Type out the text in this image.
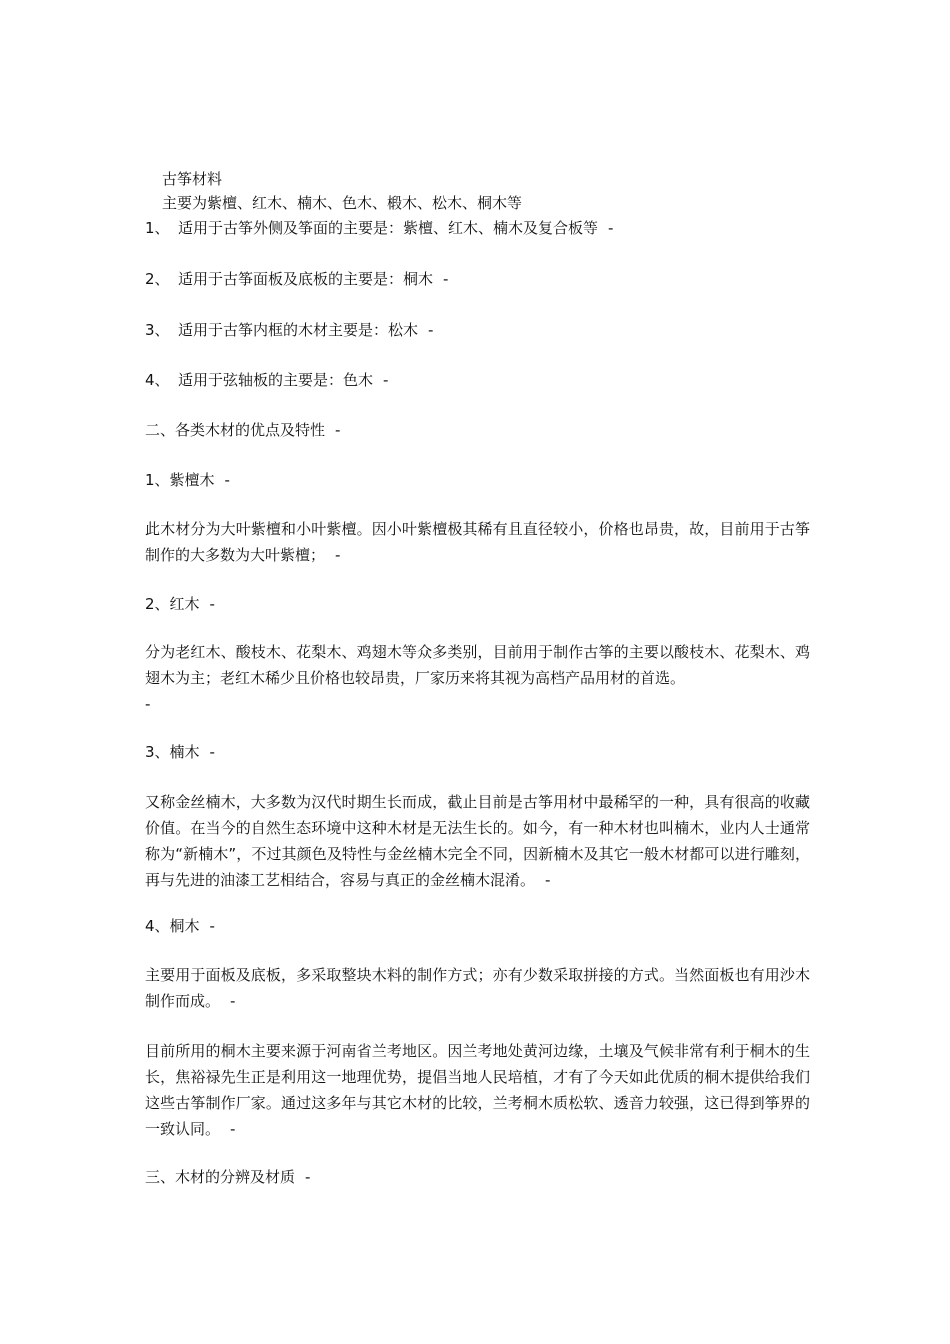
古筝材料
主要为紫檀、红木、楠木、色木、椴木、松木、桐木等
1、 适用于古筝外侧及筝面的主要是：紫檀、红木、楠木及复合板等 -
2、 适用于古筝面板及底板的主要是：桐木 -
3、 适用于古筝内框的木材主要是：松木 -
4、 适用于弦轴板的主要是：色木 -
二、各类木材的优点及特性 -
1、紫檀木 -
此木材分为大叶紫檀和小叶紫檀。因小叶紫檀极其稀有且直径较小，价格也昂贵，故，目前用于古筝制作的大多数为大叶紫檀； -
2、红木 -
分为老红木、酸枝木、花梨木、鸡翅木等众多类别，目前用于制作古筝的主要以酸枝木、花梨木、鸡翅木为主；老红木稀少且价格也较昂贵，厂家历来将其视为高档产品用材的首选。
-
3、楠木 -
又称金丝楠木，大多数为汉代时期生长而成，截止目前是古筝用材中最稀罕的一种，具有很高的收藏价值。在当今的自然生态环境中这种木材是无法生长的。如今，有一种木材也叫楠木，业内人士通常称为“新楠木”，不过其颜色及特性与金丝楠木完全不同，因新楠木及其它一般木材都可以进行雕刻，再与先进的油漆工艺相结合，容易与真正的金丝楠木混淆。 -
4、桐木 -
主要用于面板及底板，多采取整块木料的制作方式；亦有少数采取拼接的方式。当然面板也有用沙木制作而成。 -
目前所用的桐木主要来源于河南省兰考地区。因兰考地处黄河边缘，土壤及气候非常有利于桐木的生长，焦裕禄先生正是利用这一地理优势，提倡当地人民培植，才有了今天如此优质的桐木提供给我们这些古筝制作厂家。通过这多年与其它木材的比较，兰考桐木质松软、透音力较强，这已得到筝界的一致认同。 -
三、木材的分辨及材质 -
